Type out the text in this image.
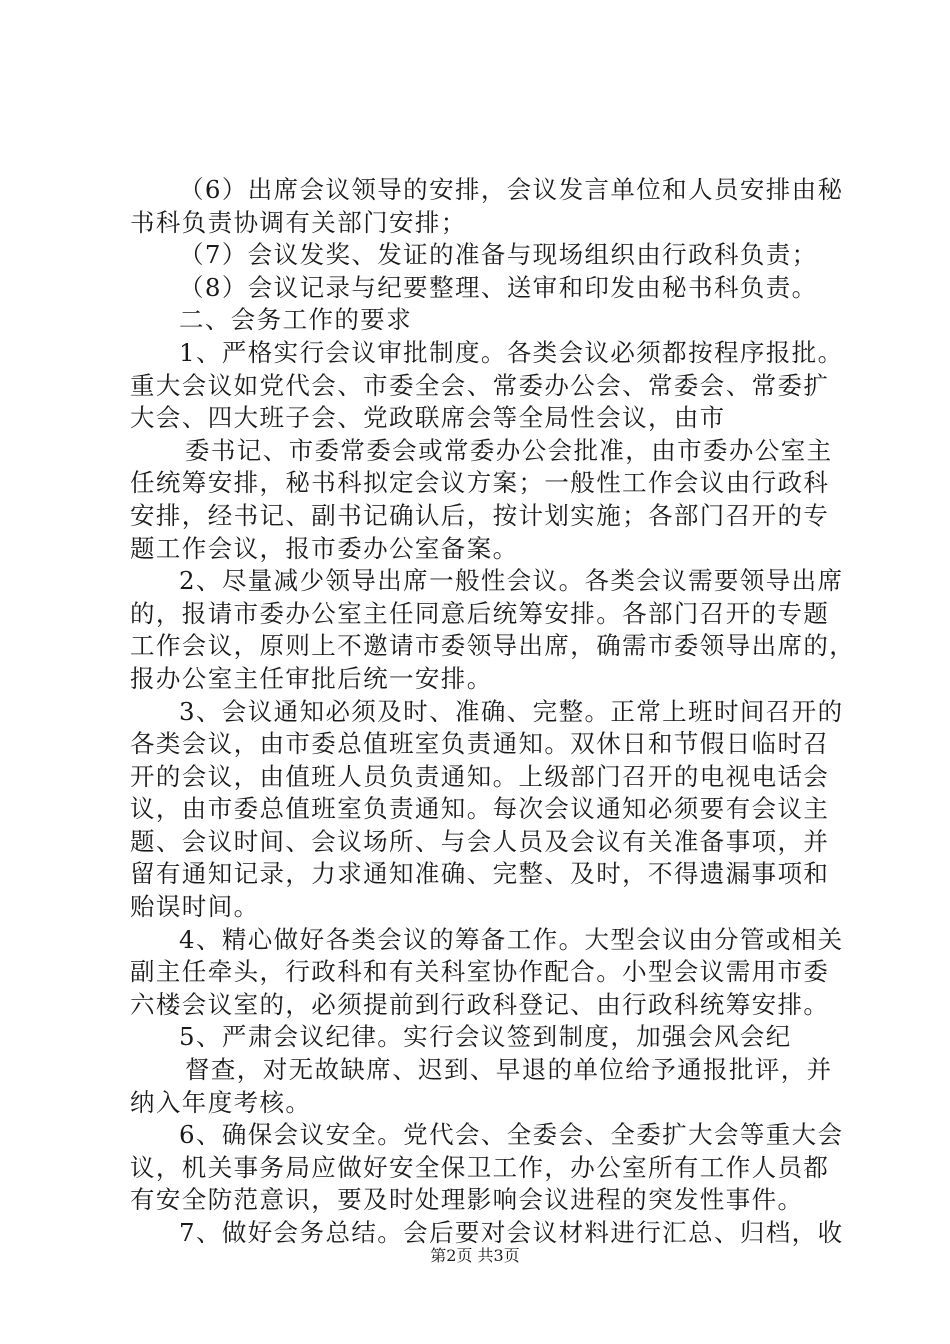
（6）出席会议领导的安排，会议发言单位和人员安排由秘
书科负责协调有关部门安排；
（7）会议发奖、发证的准备与现场组织由行政科负责；
（8）会议记录与纪要整理、送审和印发由秘书科负责。
二、会务工作的要求
1、严格实行会议审批制度。各类会议必须都按程序报批。
重大会议如党代会、市委全会、常委办公会、常委会、常委扩
大会、四大班子会、党政联席会等全局性会议，由市
委书记、市委常委会或常委办公会批准，由市委办公室主
任统筹安排，秘书科拟定会议方案；一般性工作会议由行政科
安排，经书记、副书记确认后，按计划实施；各部门召开的专
题工作会议，报市委办公室备案。
2、尽量减少领导出席一般性会议。各类会议需要领导出席
的，报请市委办公室主任同意后统筹安排。各部门召开的专题
工作会议，原则上不邀请市委领导出席，确需市委领导出席的，
报办公室主任审批后统一安排。
3、会议通知必须及时、准确、完整。正常上班时间召开的
各类会议，由市委总值班室负责通知。双休日和节假日临时召
开的会议，由值班人员负责通知。上级部门召开的电视电话会
议，由市委总值班室负责通知。每次会议通知必须要有会议主
题、会议时间、会议场所、与会人员及会议有关准备事项，并
留有通知记录，力求通知准确、完整、及时，不得遗漏事项和
贻误时间。
4、精心做好各类会议的筹备工作。大型会议由分管或相关
副主任牵头，行政科和有关科室协作配合。小型会议需用市委
六楼会议室的，必须提前到行政科登记、由行政科统筹安排。
5、严肃会议纪律。实行会议签到制度，加强会风会纪
督查，对无故缺席、迟到、早退的单位给予通报批评，并
纳入年度考核。
6、确保会议安全。党代会、全委会、全委扩大会等重大会
议，机关事务局应做好安全保卫工作，办公室所有工作人员都
有安全防范意识，要及时处理影响会议进程的突发性事件。
7、做好会务总结。会后要对会议材料进行汇总、归档，收
第2页 共3页
